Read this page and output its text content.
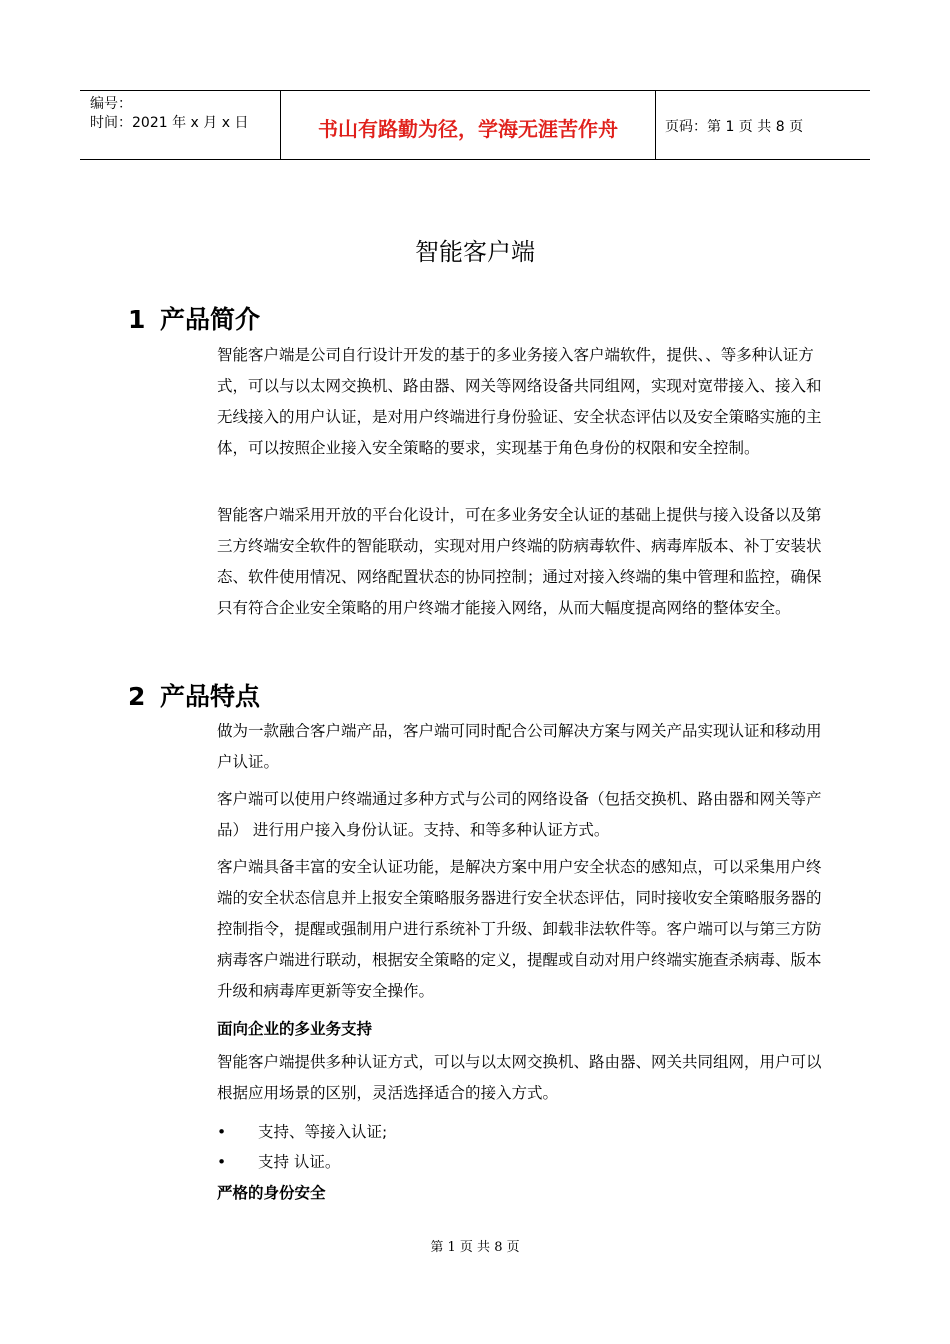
编号：
时间：2021 年 x 月 x 日	书山有路勤为径，学海无涯苦作舟	页码：第 1 页 共 8 页
智能客户端
1 产品简介
智能客户端是公司自行设计开发的基于的多业务接入客户端软件，提供、、等多种认证方式，可以与以太网交换机、路由器、网关等网络设备共同组网，实现对宽带接入、接入和无线接入的用户认证，是对用户终端进行身份验证、安全状态评估以及安全策略实施的主体，可以按照企业接入安全策略的要求，实现基于角色身份的权限和安全控制。
智能客户端采用开放的平台化设计，可在多业务安全认证的基础上提供与接入设备以及第三方终端安全软件的智能联动，实现对用户终端的防病毒软件、病毒库版本、补丁安装状态、软件使用情况、网络配置状态的协同控制；通过对接入终端的集中管理和监控，确保只有符合企业安全策略的用户终端才能接入网络，从而大幅度提高网络的整体安全。
2 产品特点
做为一款融合客户端产品，客户端可同时配合公司解决方案与网关产品实现认证和移动用户认证。
客户端可以使用户终端通过多种方式与公司的网络设备（包括交换机、路由器和网关等产品） 进行用户接入身份认证。支持、和等多种认证方式。
客户端具备丰富的安全认证功能，是解决方案中用户安全状态的感知点，可以采集用户终端的安全状态信息并上报安全策略服务器进行安全状态评估，同时接收安全策略服务器的控制指令，提醒或强制用户进行系统补丁升级、卸载非法软件等。客户端可以与第三方防病毒客户端进行联动，根据安全策略的定义，提醒或自动对用户终端实施查杀病毒、版本升级和病毒库更新等安全操作。
面向企业的多业务支持
智能客户端提供多种认证方式，可以与以太网交换机、路由器、网关共同组网，用户可以根据应用场景的区别，灵活选择适合的接入方式。
• 支持、等接入认证;
• 支持 认证。
严格的身份安全
第 1 页 共 8 页
